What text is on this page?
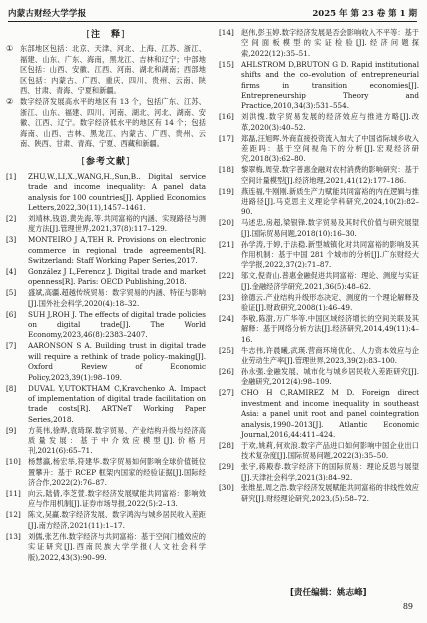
内蒙古财经大学学报	2025 年 第 23 卷 第 1 期
[注　释]
① 东部地区包括：北京、天津、河北、上海、江苏、浙江、福建、山东、广东、海南，黑龙江、吉林和辽宁；中部地区包括：山西、安徽、江西、河南、湖北和湖南；西部地区包括：内蒙古、广西、重庆、四川、贵州、云南、陕西、甘肃、青海、宁夏和新疆。
② 数字经济发展高水平的地区有 13 个，包括广东、江苏、浙江、山东、福建、四川、河南、湖北、河北、湖南、安徽、江西、辽宁。数字经济低水平的地区有 14 个；包括海南、山西、吉林、黑龙江、内蒙古、广西、贵州、云南、陕西、甘肃、青海、宁夏、西藏和新疆。
[参考文献]
[1]	ZHU,W.,LI,X.,WANG,H.,Sun,B.. Digital service trade and income inequality: A panel data analysis for 100 countries[J]. Applied Economics Letters,2022,30(11),1457–1461.
[2]	刘靖林,钱语,黄先海,等.共同富裕的内涵、实现路径与测度方法[J].管理世界,2021,37(8):117–129.
[3]	MONTEIRO J A,TEH R. Provisions on electronic commerce in regional trade agreements[R]. Switzerland: Staff Working Paper Series,2017.
[4]	González J L,Ferencz J. Digital trade and market openness[R]. Paris: OECD Publishing,2018.
[5]	盛斌,高疆.超越传统贸易：数字贸易的内涵、特征与影响[J].国外社会科学,2020(4):18–32.
[6]	SUH J,ROH J. The effects of digital trade policies on digital trade[J]. The World Economy,2023,46(8):2383–2407.
[7]	AARONSON S A. Building trust in digital trade will require a rethink of trade policy–making[J]. Oxford Review of Economic Policy,2023,39(1):98–109.
[8]	DUVAL Y,UTOKTHAM C,Kravchenko A. Impact of implementation of digital trade facilitation on trade costs[R]. ARTNeT Working Paper Series,2018.
[9]	方英伟,徐晔,袁琦琛.数字贸易、产业结构升级与经济高质量发展：基于中介效应模型[J].价格月刊,2021(6):65–71.
[10]	杨慧瀛,杨宏举,符建华.数字贸易如何影响全球价值链位置攀升：基于 RCEP 框架内国家的经验证据[J].国际经济合作,2022(2):76–87.
[11]	向云,陆倩,李芝萱.数字经济发展赋能共同富裕：影响效应与作用机制[J].证券市场导报,2022(5):2–13.
[12]	陈文,吴赢.数字经济发展、数字鸿沟与城乡居民收入差距[J].南方经济,2021(11):1–17.
[13]	刘儒,张艺伟.数字经济与共同富裕：基于空间门槛效应的实证研究[J].西南民族大学学报(人文社会科学版),2022,43(3):90–99.
[14]	赵伟,彭玉婷.数字经济发展是否会影响收入不平等：基于空间面板模型的实证检验[J].经济问题探索,2022(12):35–51.
[15]	AHLSTROM D,BRUTON G D. Rapid institutional shifts and the co–evolution of entrepreneurial firms in transition economies[J]. Entrepreneurship Theory and Practice,2010,34(3):531–554.
[16]	刘洪愧.数字贸易发展的经济效应与推进方略[J].改革,2020(3):40–52.
[17]	郑磊,汪旭晖.外商直接投资流入加大了中国省际城乡收入差距吗：基于空间视角下的分析[J].宏观经济研究,2018(3):62–80.
[18]	黎翠梅,周莹.数字普惠金融对农村消费的影响研究：基于空间计量模型[J].经济地理,2021,41(12):177–186.
[19]	燕连福,牛刚刚.新质生产力赋能共同富裕的内在逻辑与推进路径[J].马克思主义理论学科研究,2024,10(2):82–90.
[20]	马述忠,房超,梁银锋.数字贸易及其时代价值与研究展望[J].国际贸易问题,2018(10):16–30.
[21]	孙学涛,于婷,于法稳.新型城镇化对共同富裕的影响及其作用机制：基于中国 281 个城市的分析[J].广东财经大学学报,2022,37(2):71–87.
[22]	邬文,倪青山.普惠金融促进共同富裕：理论、测度与实证[J].金融经济学研究,2021,36(5):48–62.
[23]	徐德云.产业结构升级形态决定、测度的一个理论解释及验证[J].财政研究,2008(1):46–49.
[24]	李敬,陈澍,万广华等.中国区域经济增长的空间关联及其解释：基于网络分析方法[J].经济研究,2014,49(11):4–16.
[25]	牛志伟,许晨曦,武瑛.营商环境优化、人力资本效应与企业劳动生产率[J].管理世界,2023,39(2):83–100.
[26]	孙永强.金融发展、城市化与城乡居民收入差距研究[J].金融研究,2012(4):98–109.
[27]	CHO H C,RAMIREZ M D. Foreign direct investment and income inequality in southeast Asia: a panel unit root and panel cointegration analysis,1990–2013[J]. Atlantic Economic Journal,2016,44:411–424.
[28]	于欢,姚莉,何欢浪.数字产品进口如何影响中国企业出口技术复杂度[J].国际贸易问题,2022(3):35–50.
[29]	张宇,蒋殿春.数字经济下的国际贸易：理论反思与展望[J].天津社会科学,2021(3):84–92.
[30]	张维星,周之浩.数字经济发展赋能共同富裕的非线性效应研究[J].财经理论研究,2023,(5):58–72.
[责任编辑：姚志峰]
89
